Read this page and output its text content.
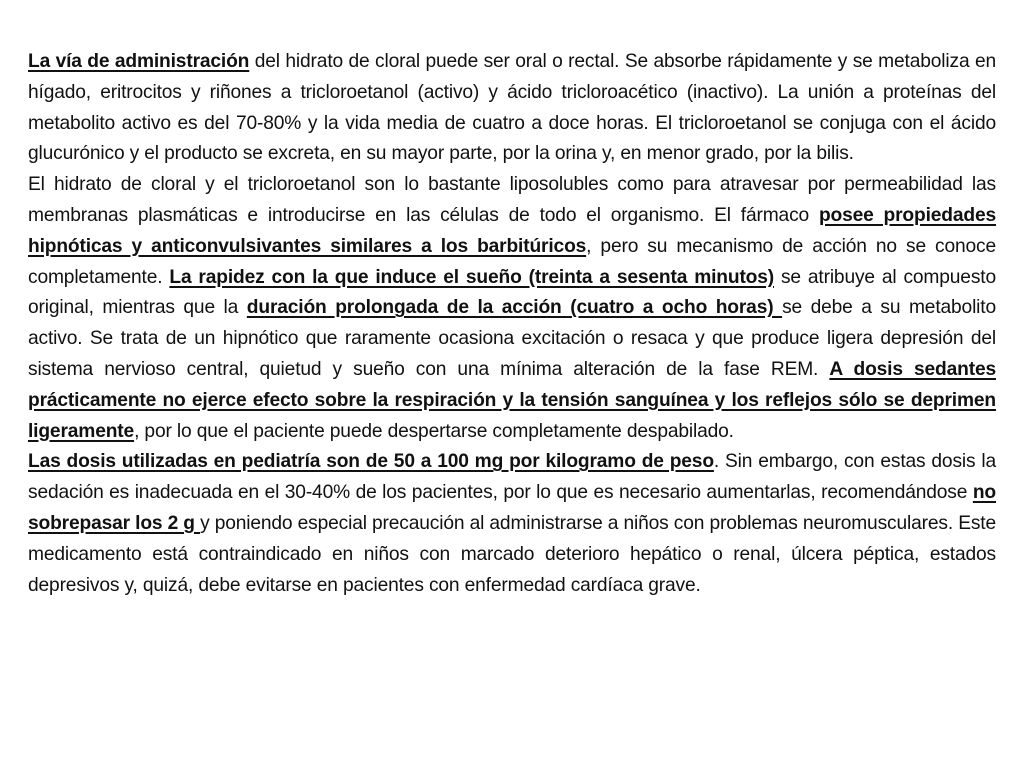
La vía de administración del hidrato de cloral puede ser oral o rectal. Se absorbe rápidamente y se metaboliza en hígado, eritrocitos y riñones a tricloroetanol (activo) y ácido tricloroacético (inactivo). La unión a proteínas del metabolito activo es del 70-80% y la vida media de cuatro a doce horas. El tricloroetanol se conjuga con el ácido glucurónico y el producto se excreta, en su mayor parte, por la orina y, en menor grado, por la bilis.

El hidrato de cloral y el tricloroetanol son lo bastante liposolubles como para atravesar por permeabilidad las membranas plasmáticas e introducirse en las células de todo el organismo. El fármaco posee propiedades hipnóticas y anticonvulsivantes similares a los barbitúricos, pero su mecanismo de acción no se conoce completamente. La rapidez con la que induce el sueño (treinta a sesenta minutos) se atribuye al compuesto original, mientras que la duración prolongada de la acción (cuatro a ocho horas) se debe a su metabolito activo. Se trata de un hipnótico que raramente ocasiona excitación o resaca y que produce ligera depresión del sistema nervioso central, quietud y sueño con una mínima alteración de la fase REM. A dosis sedantes prácticamente no ejerce efecto sobre la respiración y la tensión sanguínea y los reflejos sólo se deprimen ligeramente, por lo que el paciente puede despertarse completamente despabilado.

Las dosis utilizadas en pediatría son de 50 a 100 mg por kilogramo de peso. Sin embargo, con estas dosis la sedación es inadecuada en el 30-40% de los pacientes, por lo que es necesario aumentarlas, recomendándose no sobrepasar los 2 g y poniendo especial precaución al administrarse a niños con problemas neuromusculares. Este medicamento está contraindicado en niños con marcado deterioro hepático o renal, úlcera péptica, estados depresivos y, quizá, debe evitarse en pacientes con enfermedad cardíaca grave.
